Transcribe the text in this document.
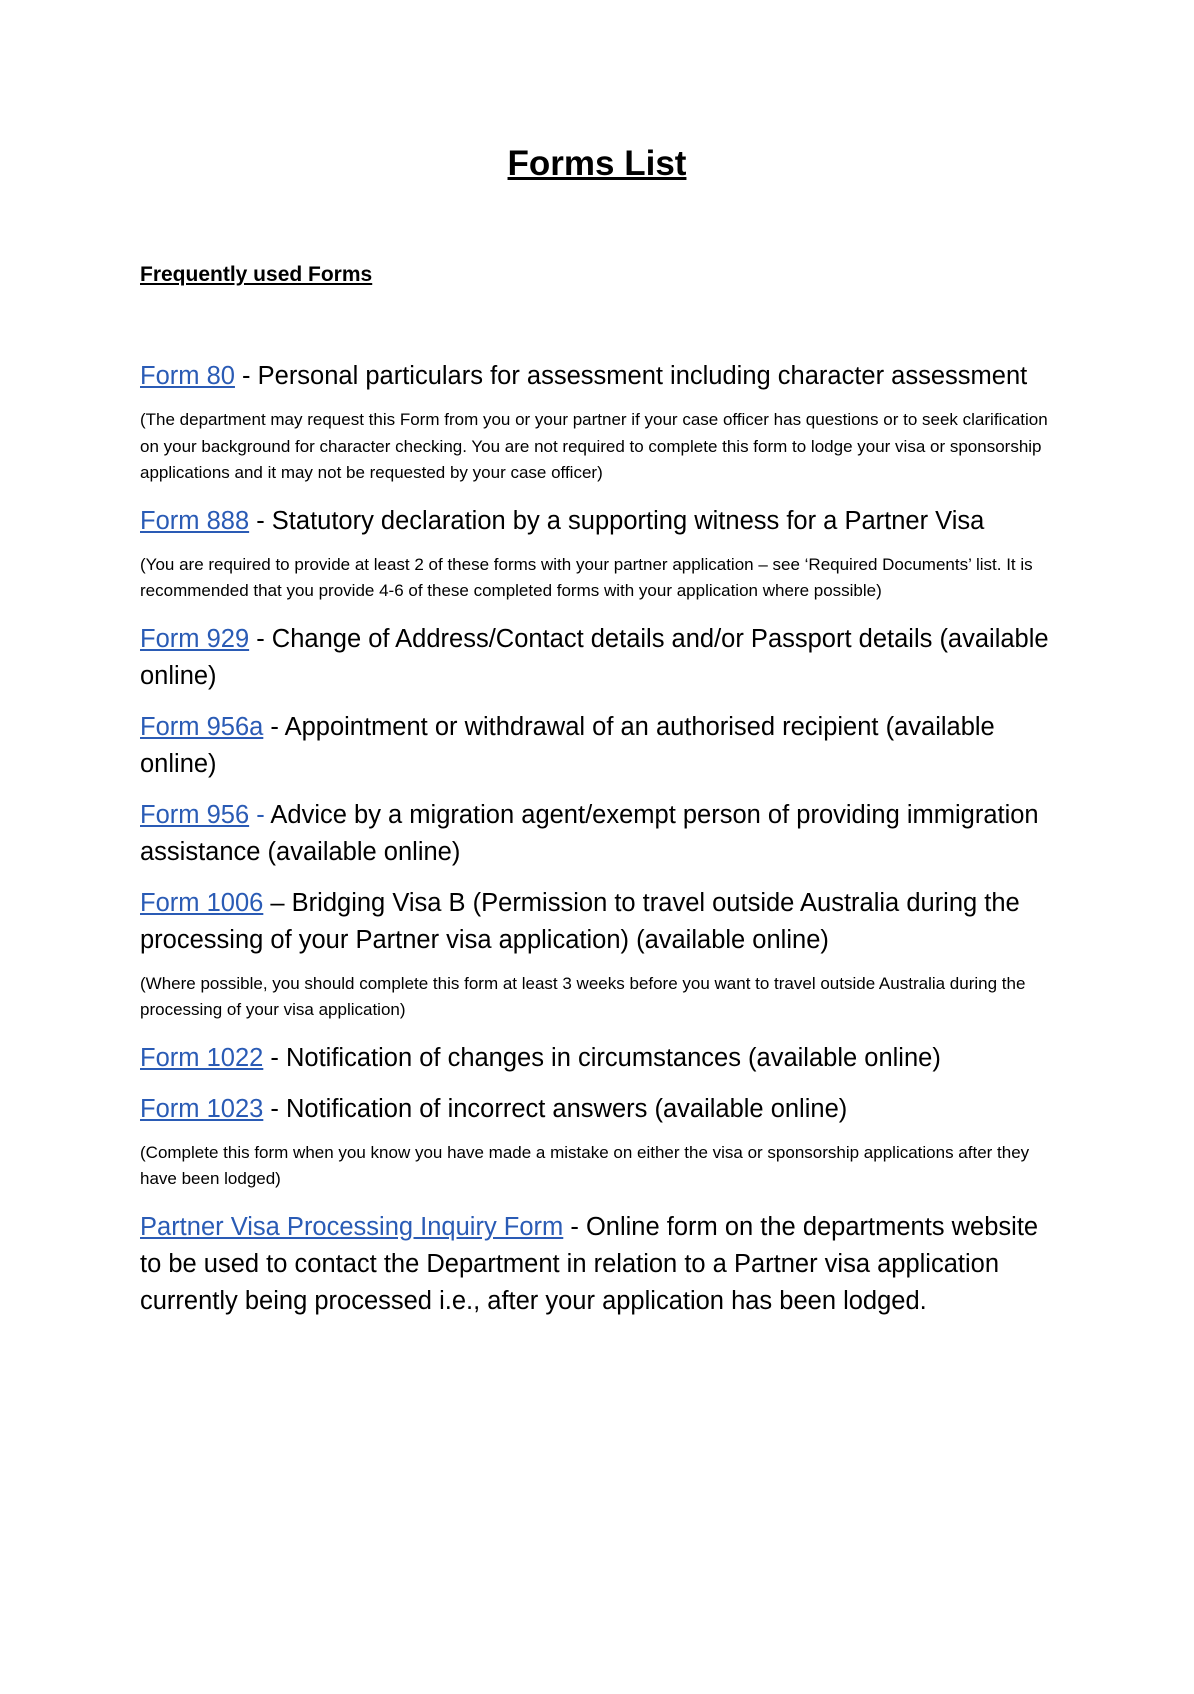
Forms List
Frequently used Forms

Form 80 - Personal particulars for assessment including character assessment

(The department may request this Form from you or your partner if your case officer has questions or to seek clarification on your background for character checking. You are not required to complete this form to lodge your visa or sponsorship applications and it may not be requested by your case officer)

Form 888 - Statutory declaration by a supporting witness for a Partner Visa

(You are required to provide at least 2 of these forms with your partner application – see ‘Required Documents’ list. It is recommended that you provide 4-6 of these completed forms with your application where possible)

Form 929 - Change of Address/Contact details and/or Passport details (available online)

Form 956a - Appointment or withdrawal of an authorised recipient (available online)

Form 956 - Advice by a migration agent/exempt person of providing immigration assistance (available online)

Form 1006 – Bridging Visa B (Permission to travel outside Australia during the processing of your Partner visa application) (available online)

(Where possible, you should complete this form at least 3 weeks before you want to travel outside Australia during the processing of your visa application)

Form 1022 - Notification of changes in circumstances (available online)

Form 1023 - Notification of incorrect answers (available online)

(Complete this form when you know you have made a mistake on either the visa or sponsorship applications after they have been lodged)

Partner Visa Processing Inquiry Form - Online form on the departments website to be used to contact the Department in relation to a Partner visa application currently being processed i.e., after your application has been lodged.
